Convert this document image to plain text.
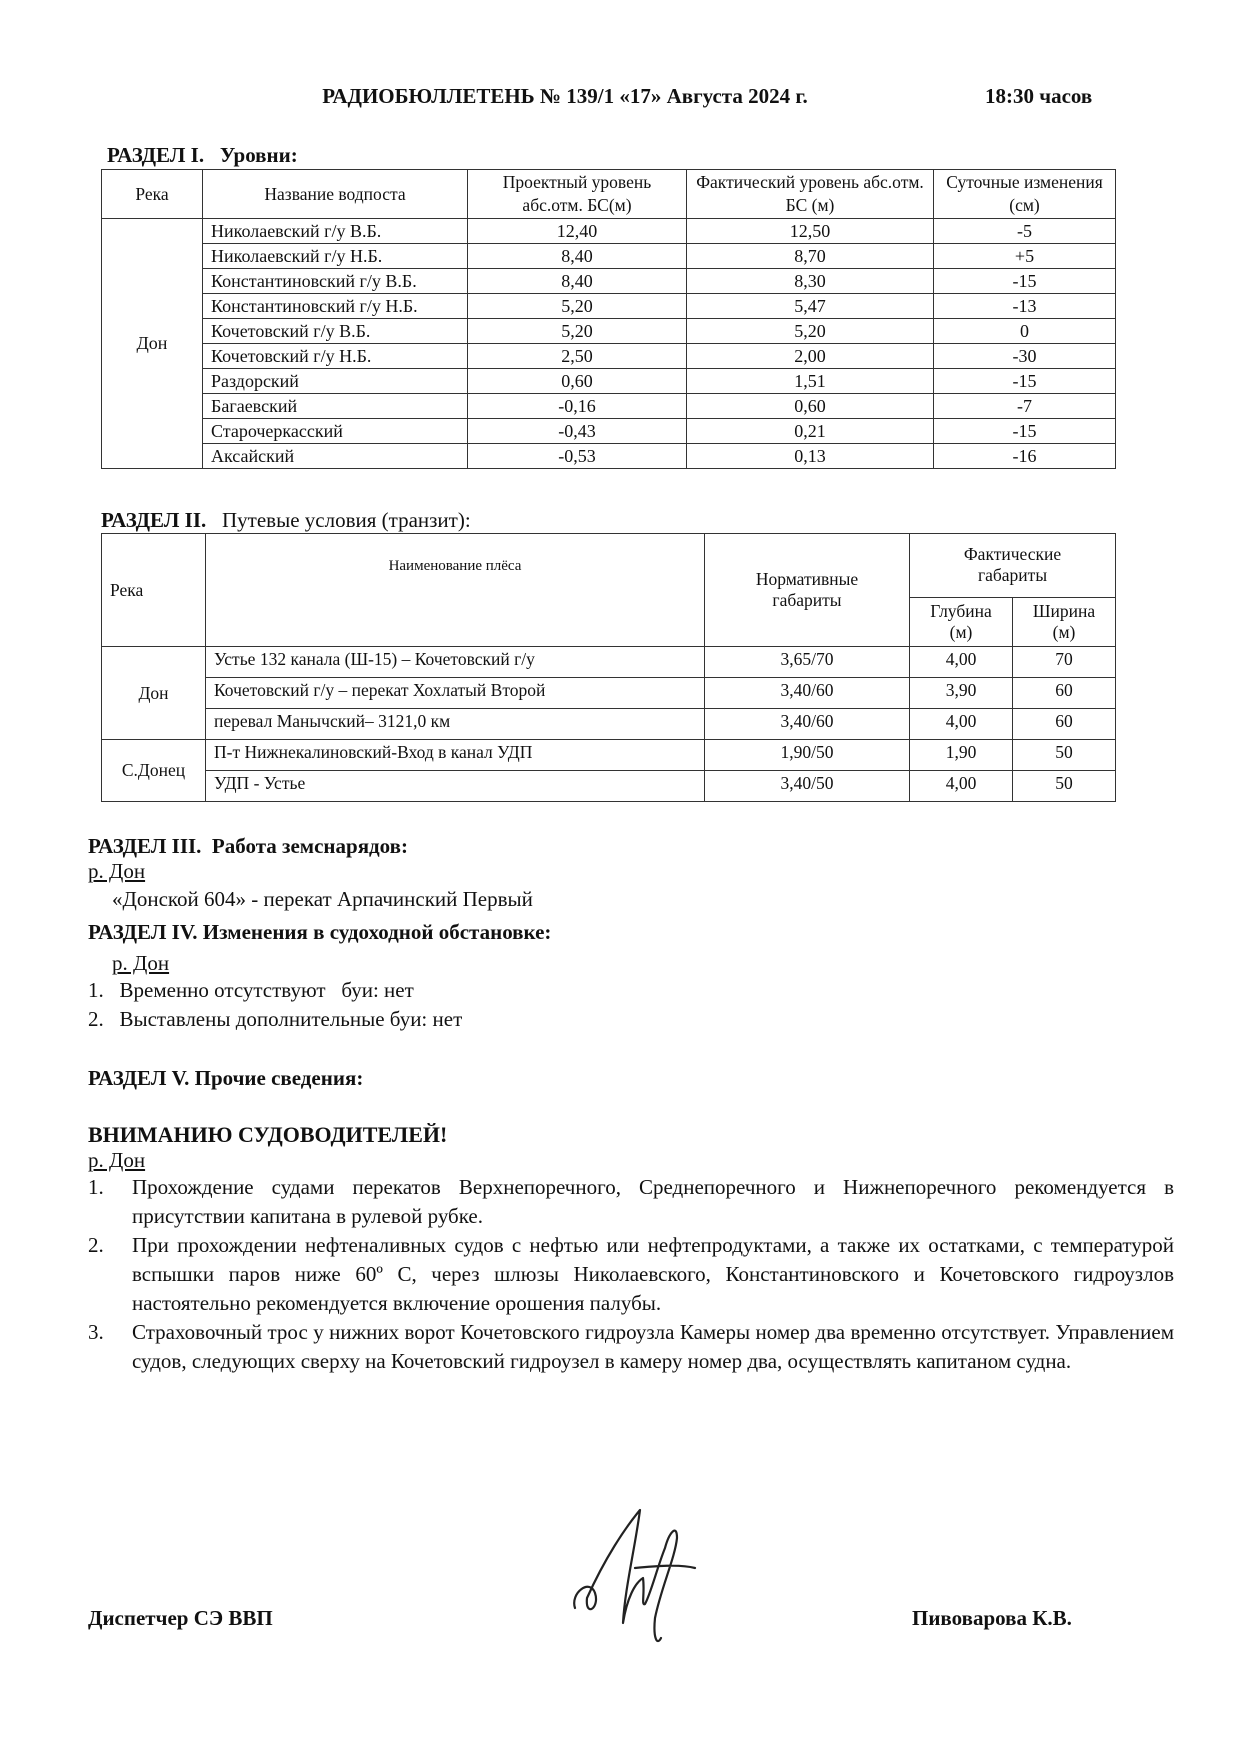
РАДИОБЮЛЛЕТЕНЬ № 139/1 «17» Августа 2024 г.	18:30 часов
РАЗДЕЛ I.   Уровни:
Река	Название водпоста	Проектный уровень абс.отм. БС(м)	Фактический уровень абс.отм. БС (м)	Суточные изменения (см)
Дон	Николаевский г/у В.Б.	12,40	12,50	-5
	Николаевский г/у Н.Б.	8,40	8,70	+5
	Константиновский г/у В.Б.	8,40	8,30	-15
	Константиновский г/у Н.Б.	5,20	5,47	-13
	Кочетовский г/у В.Б.	5,20	5,20	0
	Кочетовский г/у Н.Б.	2,50	2,00	-30
	Раздорский	0,60	1,51	-15
	Багаевский	-0,16	0,60	-7
	Старочеркасский	-0,43	0,21	-15
	Аксайский	-0,53	0,13	-16
РАЗДЕЛ II. Путевые условия (транзит):
Река	Наименование плёса	Нормативные габариты	Фактические габариты	
			Глубина (м)	Ширина (м)
Дон	Устье 132 канала (Ш-15) – Кочетовский г/у	3,65/70	4,00	70
	Кочетовский г/у – перекат Хохлатый Второй	3,40/60	3,90	60
	перевал Манычский– 3121,0 км	3,40/60	4,00	60
С.Донец	П-т Нижнекалиновский-Вход в канал УДП	1,90/50	1,90	50
	УДП - Устье	3,40/50	4,00	50
РАЗДЕЛ III.  Работа земснарядов:
р. Дон
«Донской 604» - перекат Арпачинский Первый
РАЗДЕЛ IV. Изменения в судоходной обстановке:
р. Дон
1.   Временно отсутствуют   буи: нет
2.   Выставлены дополнительные буи: нет
РАЗДЕЛ V. Прочие сведения:
ВНИМАНИЮ СУДОВОДИТЕЛЕЙ!
р. Дон
1.	Прохождение судами перекатов Верхнепоречного, Среднепоречного и Нижнепоречного рекомендуется в присутствии капитана в рулевой рубке.
2.	При прохождении нефтеналивных судов с нефтью или нефтепродуктами, а также их остатками, с температурой вспышки паров ниже 60º С, через шлюзы Николаевского, Константиновского и Кочетовского гидроузлов настоятельно рекомендуется включение орошения палубы.
3.	Страховочный трос у нижних ворот Кочетовского гидроузла Камеры номер два временно отсутствует. Управлением судов, следующих сверху на Кочетовский гидроузел в камеру номер два, осуществлять капитаном судна.
Диспетчер СЭ ВВП	Пивоварова К.В.
